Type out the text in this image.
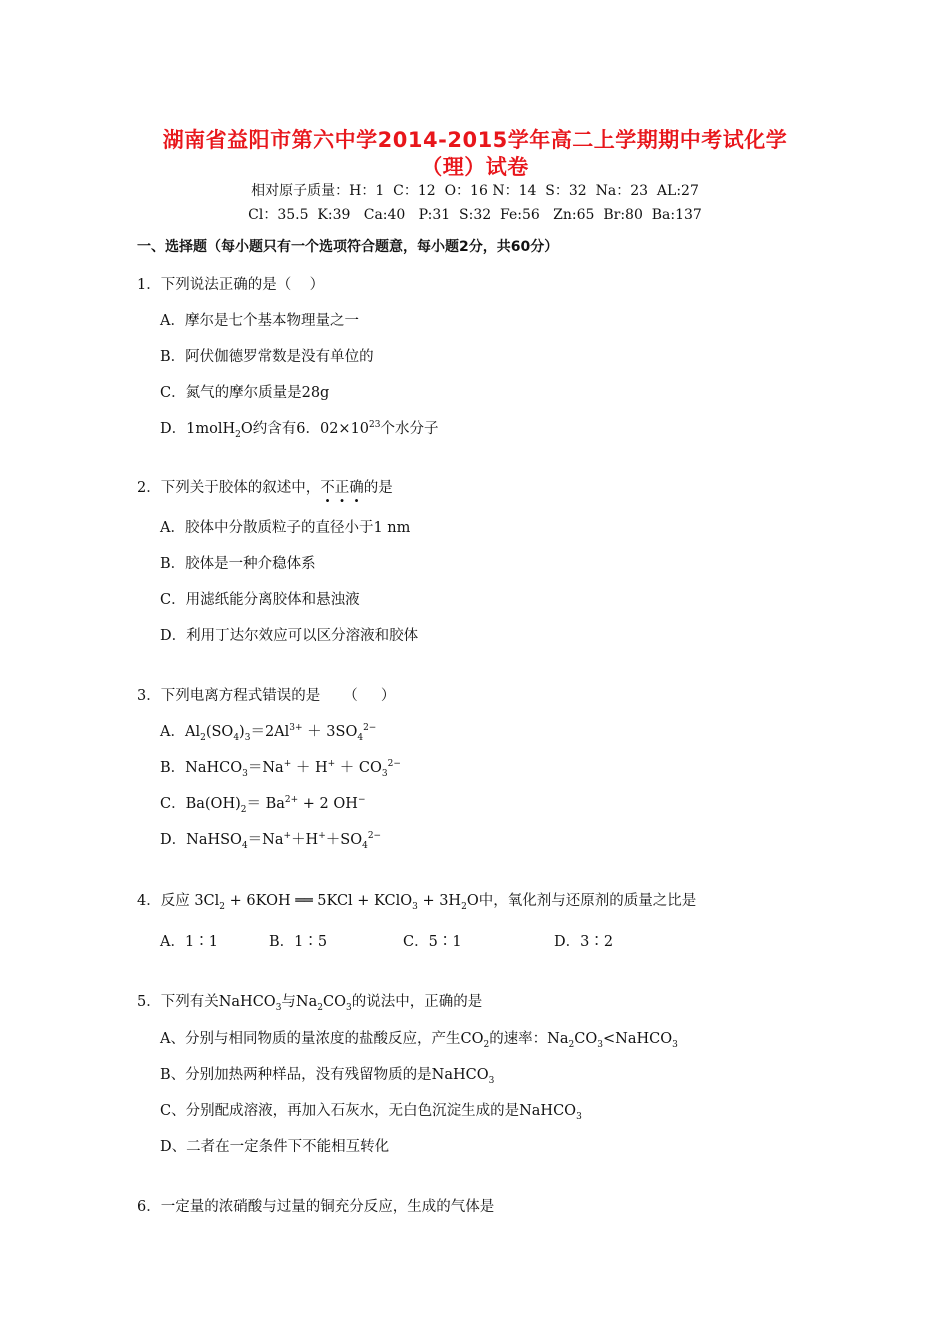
湖南省益阳市第六中学2014-2015学年高二上学期期中考试化学
（理）试卷
相对原子质量：H：1  C：12  O：16 N：14  S：32  Na：23  AL:27
Cl：35.5  K:39   Ca:40   P:31  S:32  Fe:56   Zn:65  Br:80  Ba:137
一、选择题（每小题只有一个选项符合题意，每小题2分，共60分）
1．下列说法正确的是（    ）
A．摩尔是七个基本物理量之一
B．阿伏伽德罗常数是没有单位的
C．氮气的摩尔质量是28g
D．1molH$_2$O约含有6．$02\times 10^{23}$个水分子
2．下列关于胶体的叙述中，不正确的是
A．胶体中分散质粒子的直径小于1 nm
B．胶体是一种介稳体系
C．用滤纸能分离胶体和悬浊液
D．利用丁达尔效应可以区分溶液和胶体
3．下列电离方程式错误的是     （     ）
A．$Al_2(SO_4)_3=2Al^{3+} + 3SO_4^{2-}$
B．NaHCO$_3$＝Na+ ＋ $H^+ + CO_3^{2-}$
C．$Ba(OH)_2= Ba^{2+} + 2$ OH−
D．$NaHSO_4=Na^++H^++SO_4^{2-}$
4．反应 $3Cl_2 + 6KOH$ ══ 5KCl + KClO$_3$ + $3H_2O$中，氧化剂与还原剂的质量之比是
A．1∶1	B．1∶5	C．5∶1	D．3∶2
5．下列有关NaHCO$_3$与$Na_2CO_3$的说法中，正确的是
A、分别与相同物质的量浓度的盐酸反应，产生$CO_2$的速率：$Na_2CO_3<NaHCO_3$
B、分别加热两种样品，没有残留物质的是NaHCO$_3$
C、分别配成溶液，再加入石灰水，无白色沉淀生成的是NaHCO$_3$
D、二者在一定条件下不能相互转化
6．一定量的浓硝酸与过量的铜充分反应，生成的气体是
